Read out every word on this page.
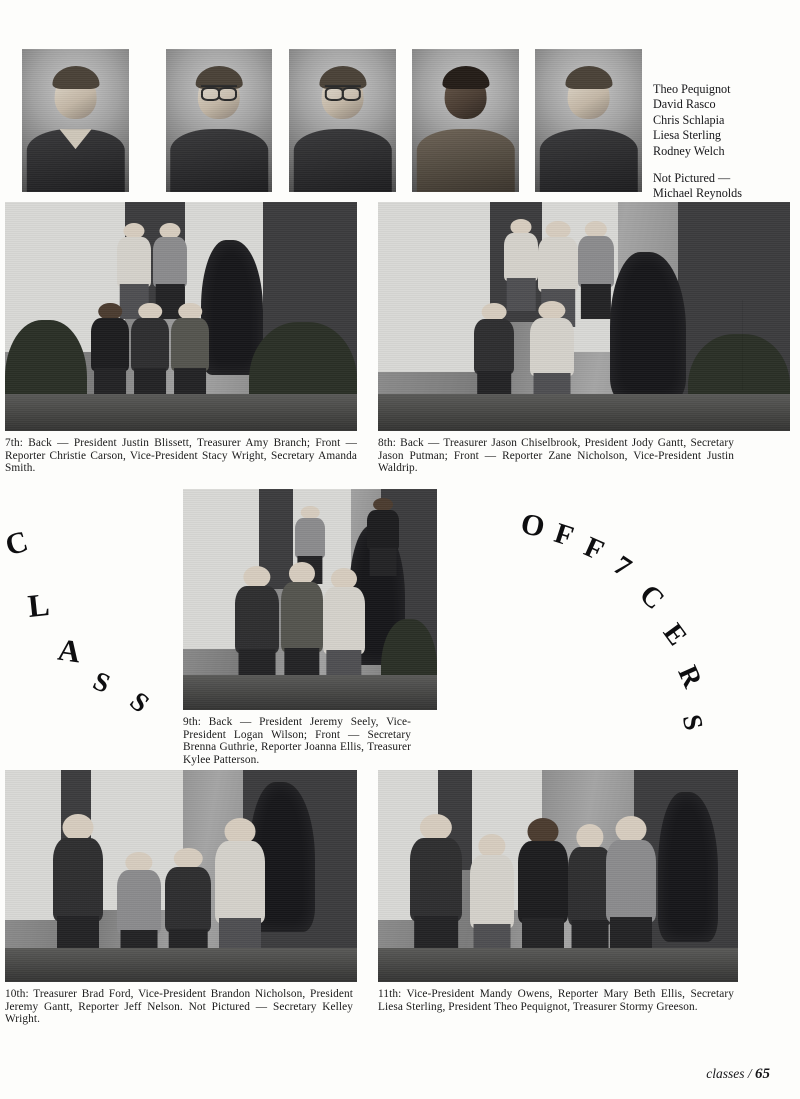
Theo Pequignot
David Rasco
Chris Schlapia
Liesa Sterling
Rodney Welch
Not Pictured —
Michael Reynolds
7th: Back — President Justin Blissett, Treasurer Amy Branch; Front — Reporter Christie Carson, Vice-President Stacy Wright, Secretary Amanda Smith.
8th: Back — Treasurer Jason Chiselbrook, President Jody Gantt, Secretary Jason Putman; Front — Reporter Zane Nicholson, Vice-President Justin Waldrip.
C
L
A
S
S
9th: Back — President Jeremy Seely, Vice-President Logan Wilson; Front — Secretary Brenna Guthrie, Reporter Joanna Ellis, Treasurer Kylee Patterson.
O F F 7
C
E
R
S
10th: Treasurer Brad Ford, Vice-President Brandon Nicholson, President Jeremy Gantt, Reporter Jeff Nelson. Not Pictured — Secretary Kelley Wright.
11th: Vice-President Mandy Owens, Reporter Mary Beth Ellis, Secretary Liesa Sterling, President Theo Pequignot, Treasurer Stormy Greeson.
classes / 65
